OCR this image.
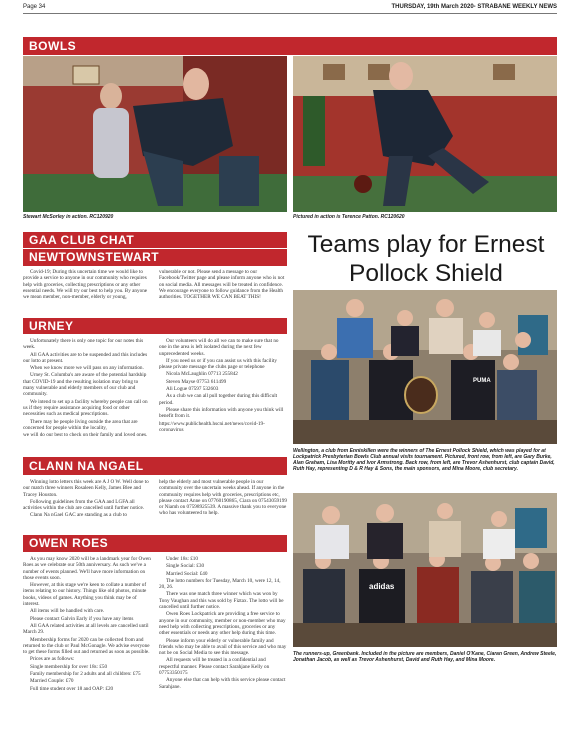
Page 34	THURSDAY, 19th March 2020- STRABANE WEEKLY NEWS
BOWLS
Stewart McSorley in action. RC120920	Pictured in action is Terence Patton. RC120620
GAA CLUB CHAT
NEWTOWNSTEWART

Covid-19; During this uncertain time we would like to provide a service to anyone in our community who requires help with groceries, collecting prescriptions or any other essential needs. We will try our best to help you. By anyone we mean member, non-member, elderly or young,

vulnerable or not. Please send a message to our Facebook/Twitter page and please inform anyone who is not on social media. All messages will be treated in confidence. We encourage everyone to follow guidance from the Health authorities. TOGETHER WE CAN BEAT THIS!

URNEY

Unfortunately there is only one topic for our notes this week.

All GAA activities are to be suspended and this includes our lotto at present.

When we know more we will pass on any information.

Urney St. Columba's are aware of the potential hardship that COVID-19 and the resulting isolation may bring to many vulnerable and elderly members of our club and community.

We intend to set up a facility whereby people can call on us if they require assistance acquiring food or other necessities such as medical prescriptions.

There may be people living outside the area that are concerned for people within the locality,

we will do our best to check on their family and loved ones.

Our volunteers will do all we can to make sure that no one in the area is left isolated during the next few unprecedented weeks.

If you need us or if you can assist us with this facility please private message the clubs page or telephone

Nicola McLaughlin 07713 255842

Steven Mayse 07753 611499

Ali Logue 07597 532603

As a club we can all pull together during this difficult period.

Please share this information with anyone you think will benefit from it.

https://www.publichealth.hscni.net/news/covid-19-coronavirus

CLANN NA NGAEL

Winning lotto letters this week are A J O W. Well done to our match three winners Rosaleen Kelly, James Blee and Tracey Houston.

Following guidelines from the GAA and LGFA all activities within the club are cancelled until further notice.

Clann Na nGael GAC are standing as a club to

help the elderly and most vulnerable people in our community over the uncertain weeks ahead. If anyone in the community requires help with groceries, prescriptions etc, please contact Anne on 07760190865, Ciara on 07543059199 or Niamh on 07598925539. A massive thank you to everyone who has volunteered to help.

OWEN ROES

As you may know 2020 will be a landmark year for Owen Roes as we celebrate our 50th anniversary. As such we've a number of events planned. We'll have more information on those events soon.

However, at this stage we're keen to collate a number of items relating to our history. Things like old photos, minute books, videos of games. Anything you think may be of interest.

All items will be handled with care.

Please contact Galvin Early if you have any items

All GAA related activities at all levels are cancelled until March 29.

Membership forms for 2020 can be collected from and returned to the club or Paul McGonagle. We advise everyone to get these forms filled out and returned as soon as possible.

Prices are as follows:

Single membership for over 18s: £50

Family membership for 2 adults and all children: £75

Married Couple: £70

Full time student over 18 and OAP: £20

Under 18s: £10

Single Social: £30

Married Social: £40

The lotto numbers for Tuesday, March 10, were 12, 14, 20, 26.

There was one match three winner which was won by Tony Vaughan and this was sold by Fiztax. The lotto will be cancelled until further notice.

Owen Roes Lockpatrick are providing a free service to anyone in our community, member or non-member who may need help with collecting prescriptions, groceries or any other essentials or needs any other help during this time.

Please inform your elderly or vulnerable family and friends who may be able to avail of this service and who may not be on Social Media to see this message.

All requests will be treated in a confidential and respectful manner. Please contact Sarahjane Kelly on 07753350175

Anyone else that can help with this service please contact Sarahjane.

Teams play for Ernest Pollock Shield
PUMA
Wellington, a club from Enniskillen were the winners of The Ernest Pollock Shield, which was played for at Lockpatrick Presbyterian Bowls Club annual visits tournament. Pictured, front row, from left, are Gary Burke, Alan Graham, Lisa Moritty and Ivor Armstrong. Back row, from left, are Trevor Ashenhurst, club captain David, Ruth Hay, representing D & R Hay & Sons, the main sponsors, and Mina Moore, club secretary.
adidas
The runners-up, Greenbank. Included in the picture are members, Daniel O'Kane, Ciaran Green, Andrew Steele, Jonathan Jacob, as well as Trevor Ashenhurst, David and Ruth Hay, and Mina Moore.
